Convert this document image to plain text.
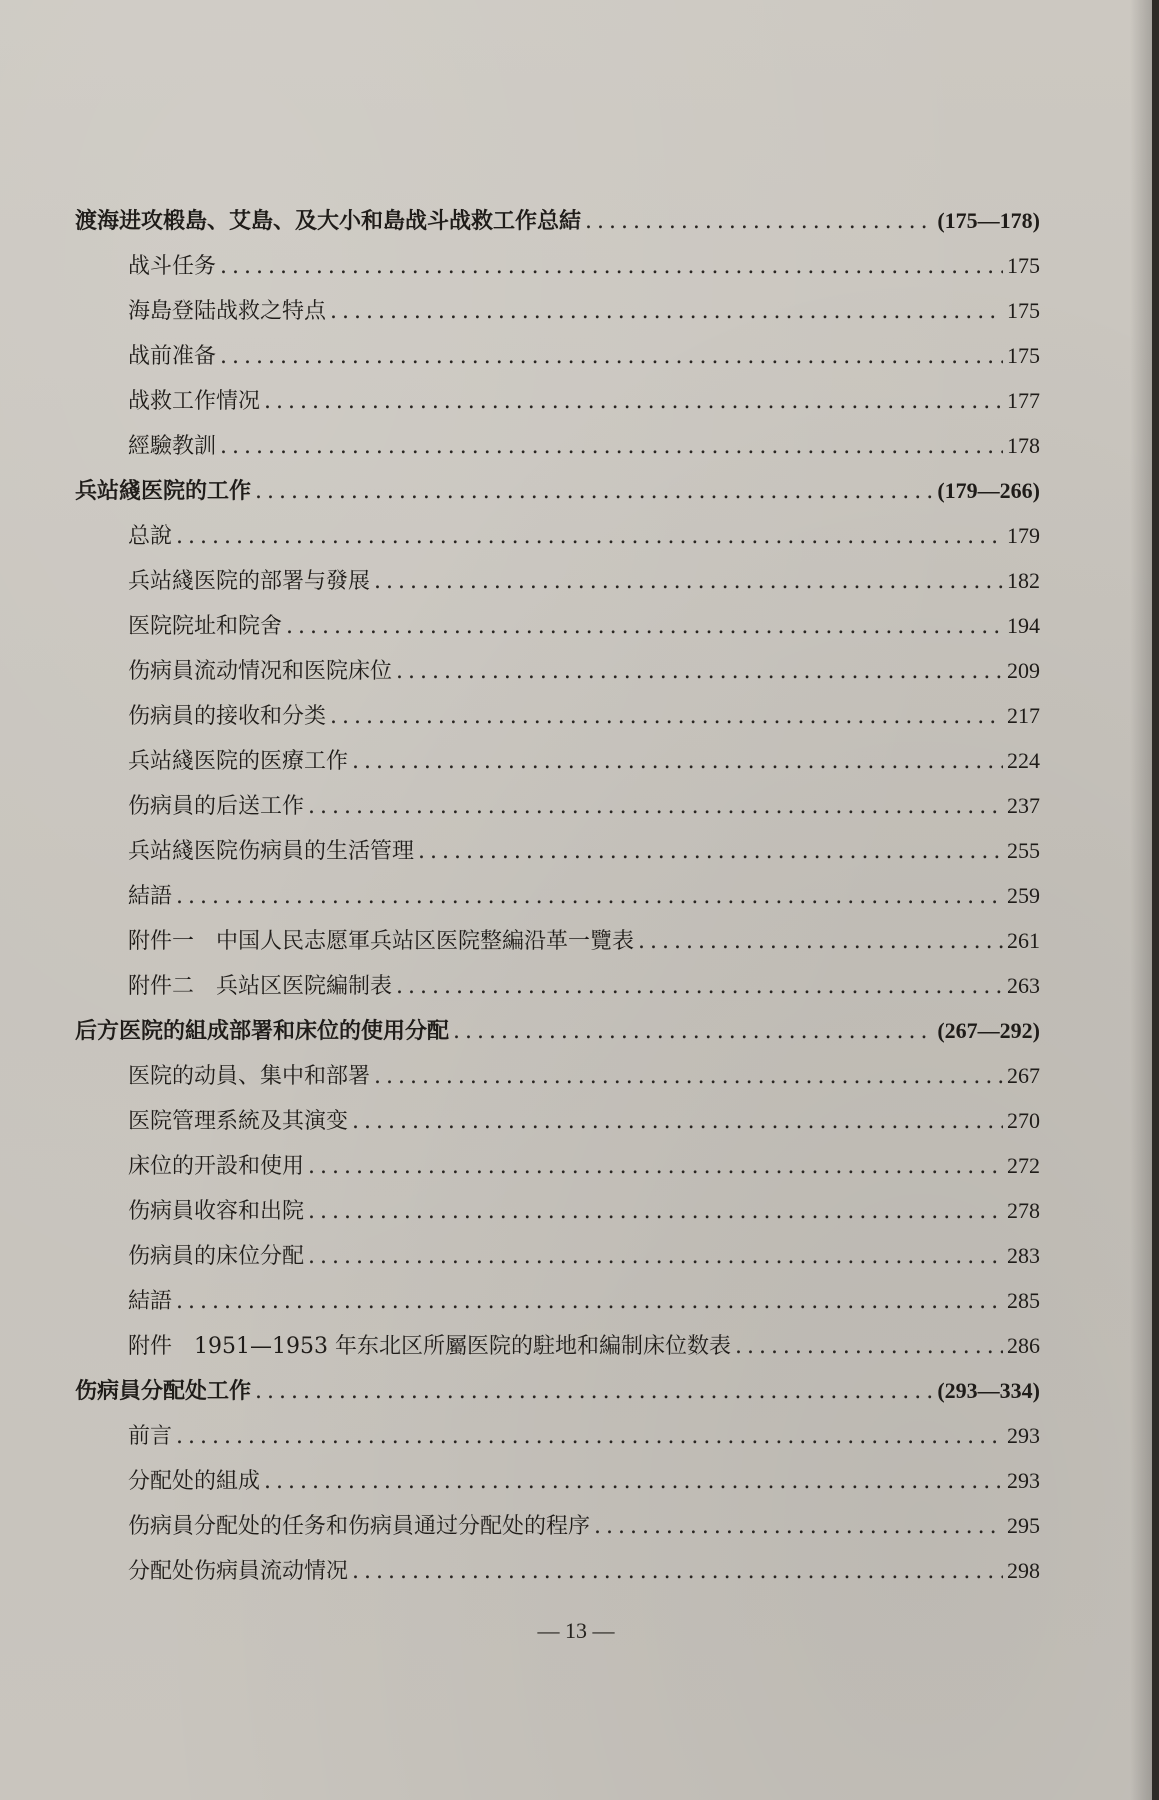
渡海进攻椴島、艾島、及大小和島战斗战救工作总結 . . .	(175—178)
战斗任务 . . .	175
海島登陆战救之特点 . . .	175
战前准备 . . .	175
战救工作情况 . . .	177
經驗教訓 . . .	178
兵站綫医院的工作 . . .	(179—266)
总說 . . .	179
兵站綫医院的部署与發展 . . .	182
医院院址和院舍 . . .	194
伤病員流动情况和医院床位 . . .	209
伤病員的接收和分类 . . .	217
兵站綫医院的医療工作 . . .	224
伤病員的后送工作 . . .	237
兵站綫医院伤病員的生活管理 . . .	255
結語 . . .	259
附件一　中国人民志愿軍兵站区医院整編沿革一覽表 . . .	261
附件二　兵站区医院編制表 . . .	263
后方医院的組成部署和床位的使用分配 . . .	(267—292)
医院的动員、集中和部署 . . .	267
医院管理系統及其演变 . . .	270
床位的开設和使用 . . .	272
伤病員收容和出院 . . .	278
伤病員的床位分配 . . .	283
結語 . . .	285
附件　1951—1953 年东北区所屬医院的駐地和編制床位数表 . . .	286
伤病員分配处工作 . . .	(293—334)
前言 . . .	293
分配处的組成 . . .	293
伤病員分配处的任务和伤病員通过分配处的程序 . . .	295
分配处伤病員流动情况 . . .	298
— 13 —
